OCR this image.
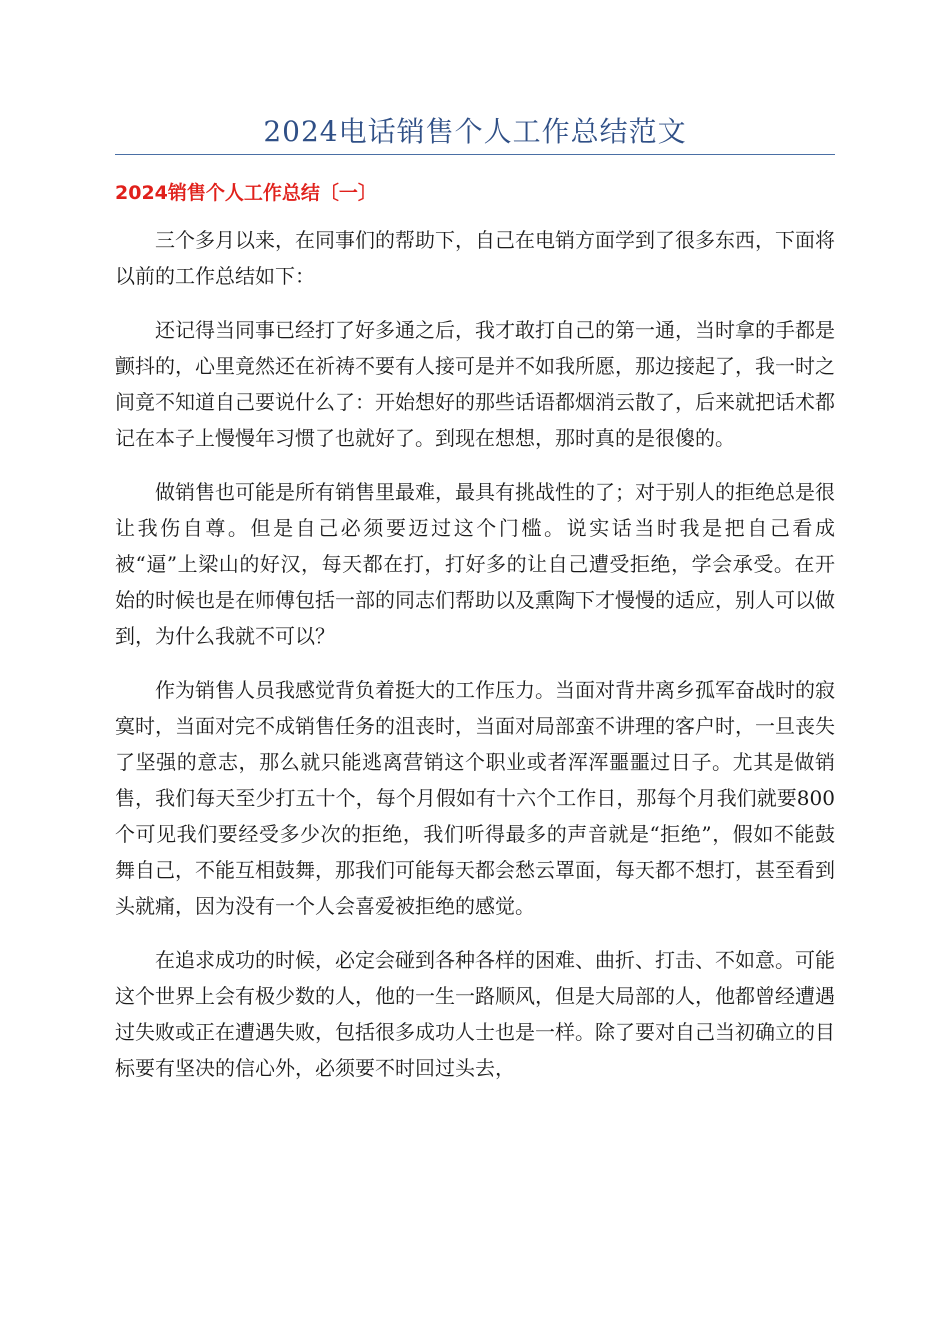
2024电话销售个人工作总结范文
2024销售个人工作总结〔一〕

三个多月以来，在同事们的帮助下，自己在电销方面学到了很多东西，下面将以前的工作总结如下：

还记得当同事已经打了好多通之后，我才敢打自己的第一通，当时拿的手都是颤抖的，心里竟然还在祈祷不要有人接可是并不如我所愿，那边接起了，我一时之间竟不知道自己要说什么了：开始想好的那些话语都烟消云散了，后来就把话术都记在本子上慢慢年习惯了也就好了。到现在想想，那时真的是很傻的。

做销售也可能是所有销售里最难，最具有挑战性的了；对于别人的拒绝总是很让我伤自尊。但是自己必须要迈过这个门槛。说实话当时我是把自己看成被“逼”上梁山的好汉，每天都在打，打好多的让自己遭受拒绝，学会承受。在开始的时候也是在师傅包括一部的同志们帮助以及熏陶下才慢慢的适应，别人可以做到，为什么我就不可以？

作为销售人员我感觉背负着挺大的工作压力。当面对背井离乡孤军奋战时的寂寞时，当面对完不成销售任务的沮丧时，当面对局部蛮不讲理的客户时，一旦丧失了坚强的意志，那么就只能逃离营销这个职业或者浑浑噩噩过日子。尤其是做销售，我们每天至少打五十个，每个月假如有十六个工作日，那每个月我们就要800个可见我们要经受多少次的拒绝，我们听得最多的声音就是“拒绝”，假如不能鼓舞自己，不能互相鼓舞，那我们可能每天都会愁云罩面，每天都不想打，甚至看到头就痛，因为没有一个人会喜爱被拒绝的感觉。

在追求成功的时候，必定会碰到各种各样的困难、曲折、打击、不如意。可能这个世界上会有极少数的人，他的一生一路顺风，但是大局部的人，他都曾经遭遇过失败或正在遭遇失败，包括很多成功人士也是一样。除了要对自己当初确立的目标要有坚决的信心外，必须要不时回过头去，
